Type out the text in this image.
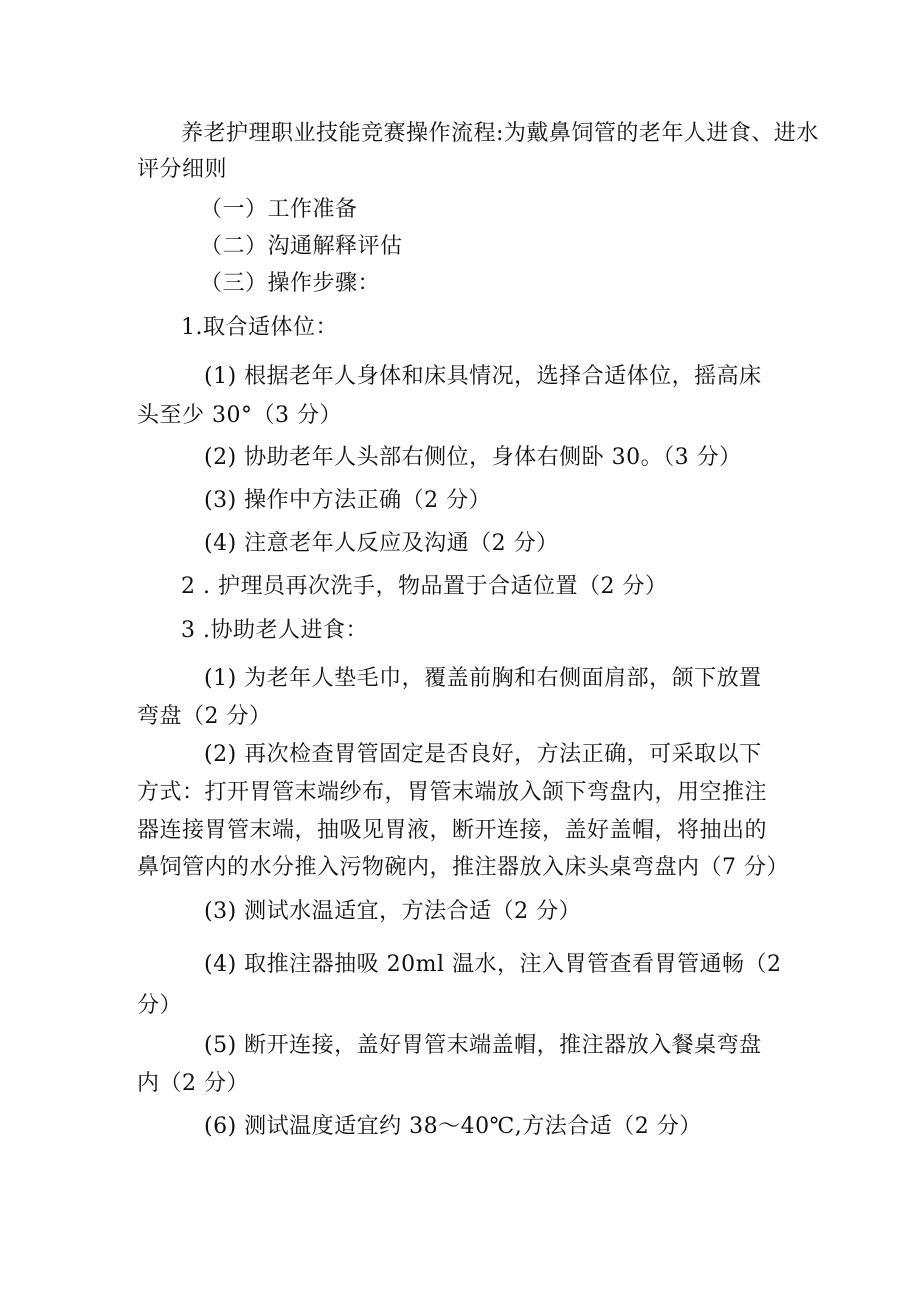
养老护理职业技能竞赛操作流程:为戴鼻饲管的老年人进食、进水
评分细则
（一）工作准备
（二）沟通解释评估
（三）操作步骤：
1.取合适体位：
(1) 根据老年人身体和床具情况，选择合适体位，摇高床
头至少 30°（3 分）
(2) 协助老年人头部右侧位，身体右侧卧 30。（3 分）
(3) 操作中方法正确（2 分）
(4) 注意老年人反应及沟通（2 分）
2 . 护理员再次洗手，物品置于合适位置（2 分）
3 .协助老人进食：
(1) 为老年人垫毛巾，覆盖前胸和右侧面肩部，颌下放置
弯盘（2 分）
(2) 再次检查胃管固定是否良好，方法正确，可采取以下
方式：打开胃管末端纱布，胃管末端放入颌下弯盘内，用空推注
器连接胃管末端，抽吸见胃液，断开连接，盖好盖帽，将抽出的
鼻饲管内的水分推入污物碗内，推注器放入床头桌弯盘内（7 分）
(3) 测试水温适宜，方法合适（2 分）
(4) 取推注器抽吸 20ml 温水，注入胃管查看胃管通畅（2
分）
(5) 断开连接，盖好胃管末端盖帽，推注器放入餐桌弯盘
内（2 分）
(6) 测试温度适宜约 38～40℃,方法合适（2 分）
